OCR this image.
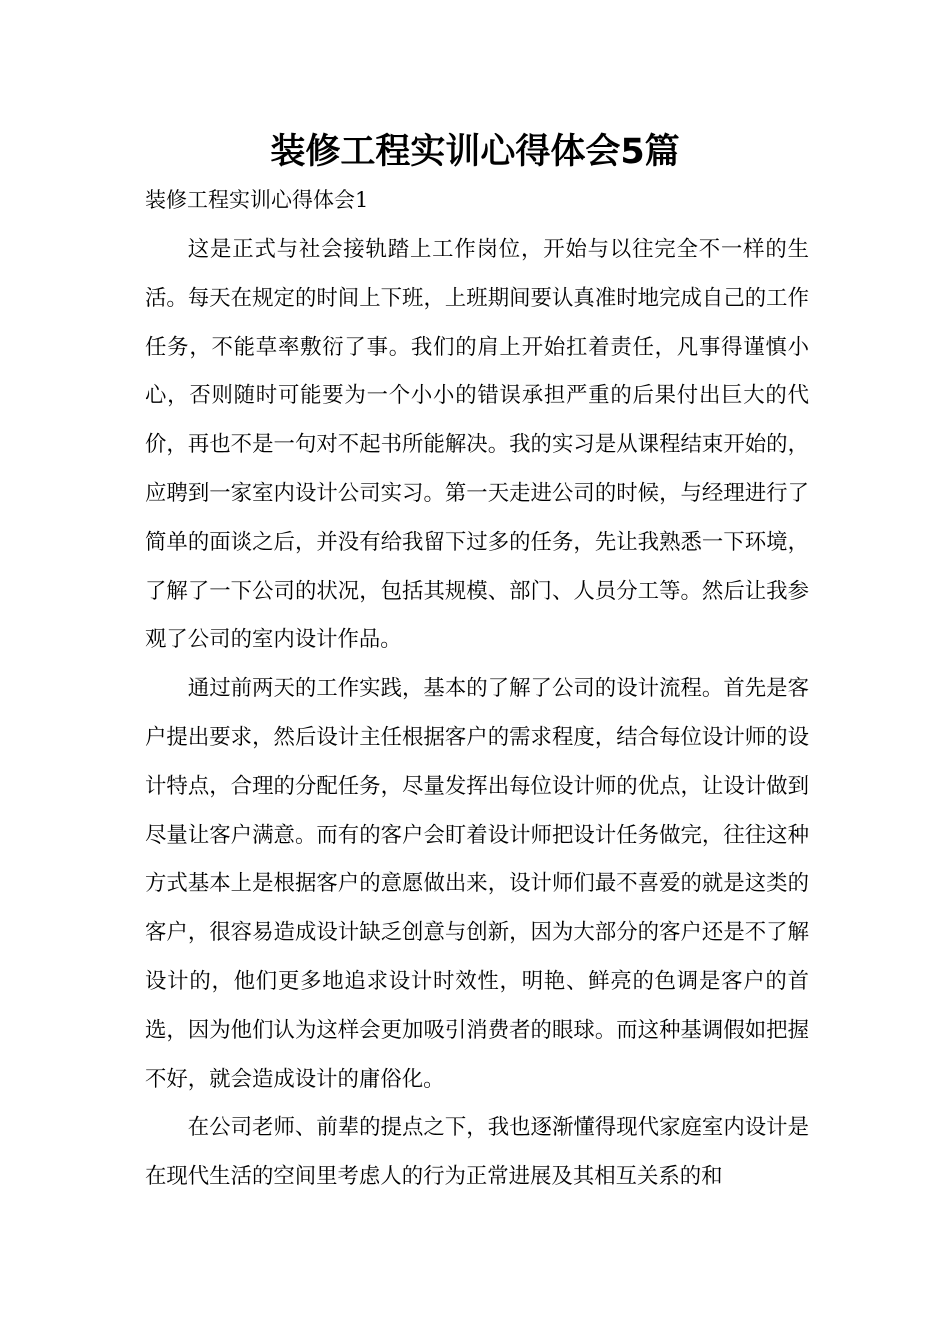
装修工程实训心得体会5篇
装修工程实训心得体会1

这是正式与社会接轨踏上工作岗位，开始与以往完全不一样的生活。每天在规定的时间上下班，上班期间要认真准时地完成自己的工作任务，不能草率敷衍了事。我们的肩上开始扛着责任，凡事得谨慎小心，否则随时可能要为一个小小的错误承担严重的后果付出巨大的代价，再也不是一句对不起书所能解决。我的实习是从课程结束开始的，应聘到一家室内设计公司实习。第一天走进公司的时候，与经理进行了简单的面谈之后，并没有给我留下过多的任务，先让我熟悉一下环境，了解了一下公司的状况，包括其规模、部门、人员分工等。然后让我参观了公司的室内设计作品。

通过前两天的工作实践，基本的了解了公司的设计流程。首先是客户提出要求，然后设计主任根据客户的需求程度，结合每位设计师的设计特点，合理的分配任务，尽量发挥出每位设计师的优点，让设计做到尽量让客户满意。而有的客户会盯着设计师把设计任务做完，往往这种方式基本上是根据客户的意愿做出来，设计师们最不喜爱的就是这类的客户，很容易造成设计缺乏创意与创新，因为大部分的客户还是不了解设计的，他们更多地追求设计时效性，明艳、鲜亮的色调是客户的首选，因为他们认为这样会更加吸引消费者的眼球。而这种基调假如把握不好，就会造成设计的庸俗化。

在公司老师、前辈的提点之下，我也逐渐懂得现代家庭室内设计是在现代生活的空间里考虑人的行为正常进展及其相互关系的和
